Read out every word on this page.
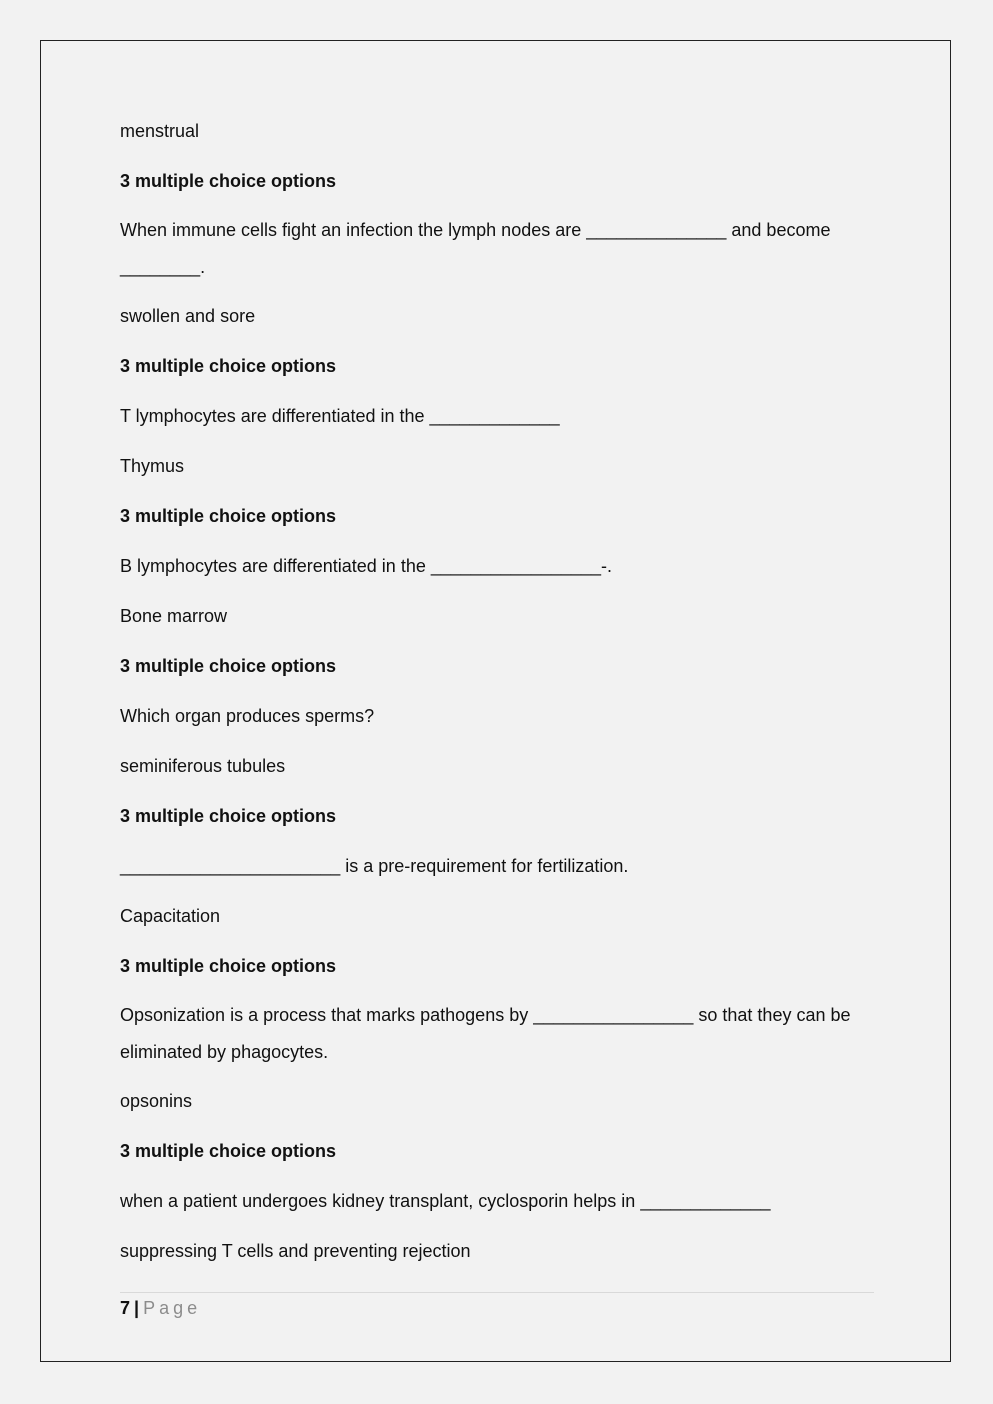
menstrual
3 multiple choice options
When immune cells fight an infection the lymph nodes are ______________ and become ________.
swollen and sore
3 multiple choice options
T lymphocytes are differentiated in the _____________
Thymus
3 multiple choice options
B lymphocytes are differentiated in the _________________-.
Bone marrow
3 multiple choice options
Which organ produces sperms?
seminiferous tubules
3 multiple choice options
______________________ is a pre-requirement for fertilization.
Capacitation
3 multiple choice options
Opsonization is a process that marks pathogens by ________________ so that they can be eliminated by phagocytes.
opsonins
3 multiple choice options
when a patient undergoes kidney transplant, cyclosporin helps in _____________
suppressing T cells and preventing rejection
7 | Page
